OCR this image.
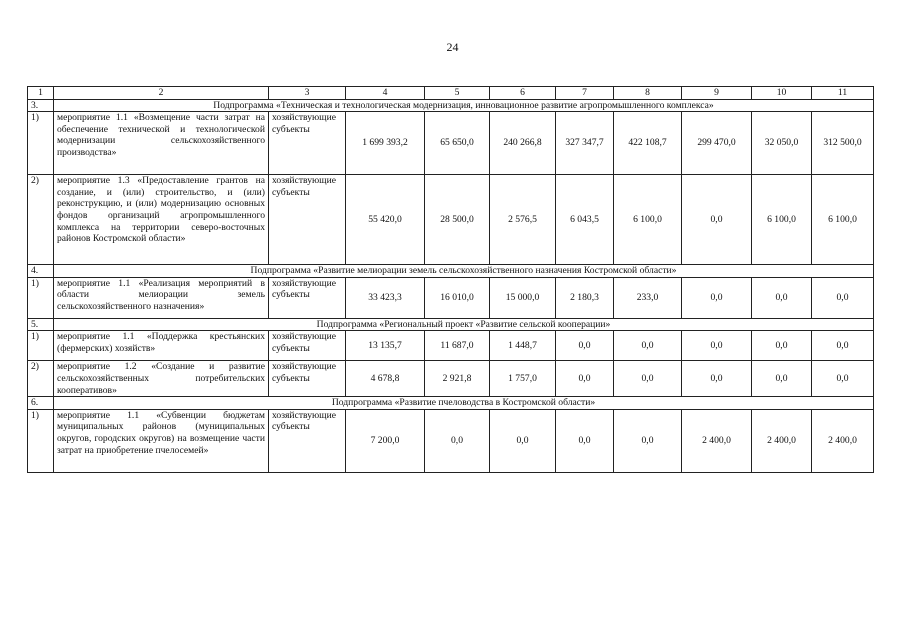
24
1	2	3	4	5	6	7	8	9	10	11
3.	Подпрограмма «Техническая и технологическая модернизация, инновационное развитие агропромышленного комплекса»									
1)	мероприятие 1.1 «Возмещение части затрат на обеспечение технической и технологической модернизации сельскохозяйственного производства»	хозяйствующие субъекты	1 699 393,2	65 650,0	240 266,8	327 347,7	422 108,7	299 470,0	32 050,0	312 500,0
2)	мероприятие 1.3 «Предоставление грантов на создание, и (или) строительство, и (или) реконструкцию, и (или) модернизацию основных фондов организаций агропромышленного комплекса на территории северо-восточных районов Костромской области»	хозяйствующие субъекты	55 420,0	28 500,0	2 576,5	6 043,5	6 100,0	0,0	6 100,0	6 100,0
4.	Подпрограмма «Развитие мелиорации земель сельскохозяйственного назначения Костромской области»									
1)	мероприятие 1.1 «Реализация мероприятий в области мелиорации земель сельскохозяйственного назначения»	хозяйствующие субъекты	33 423,3	16 010,0	15 000,0	2 180,3	233,0	0,0	0,0	0,0
5.	Подпрограмма «Региональный проект «Развитие сельской кооперации»									
1)	мероприятие 1.1 «Поддержка крестьянских (фермерских) хозяйств»	хозяйствующие субъекты	13 135,7	11 687,0	1 448,7	0,0	0,0	0,0	0,0	0,0
2)	мероприятие 1.2 «Создание и развитие сельскохозяйственных потребительских кооперативов»	хозяйствующие субъекты	4 678,8	2 921,8	1 757,0	0,0	0,0	0,0	0,0	0,0
6.	Подпрограмма «Развитие пчеловодства в Костромской области»									
1)	мероприятие 1.1 «Субвенции бюджетам муниципальных районов (муниципальных округов, городских округов) на возмещение части затрат на приобретение пчелосемей»	хозяйствующие субъекты	7 200,0	0,0	0,0	0,0	0,0	2 400,0	2 400,0	2 400,0
